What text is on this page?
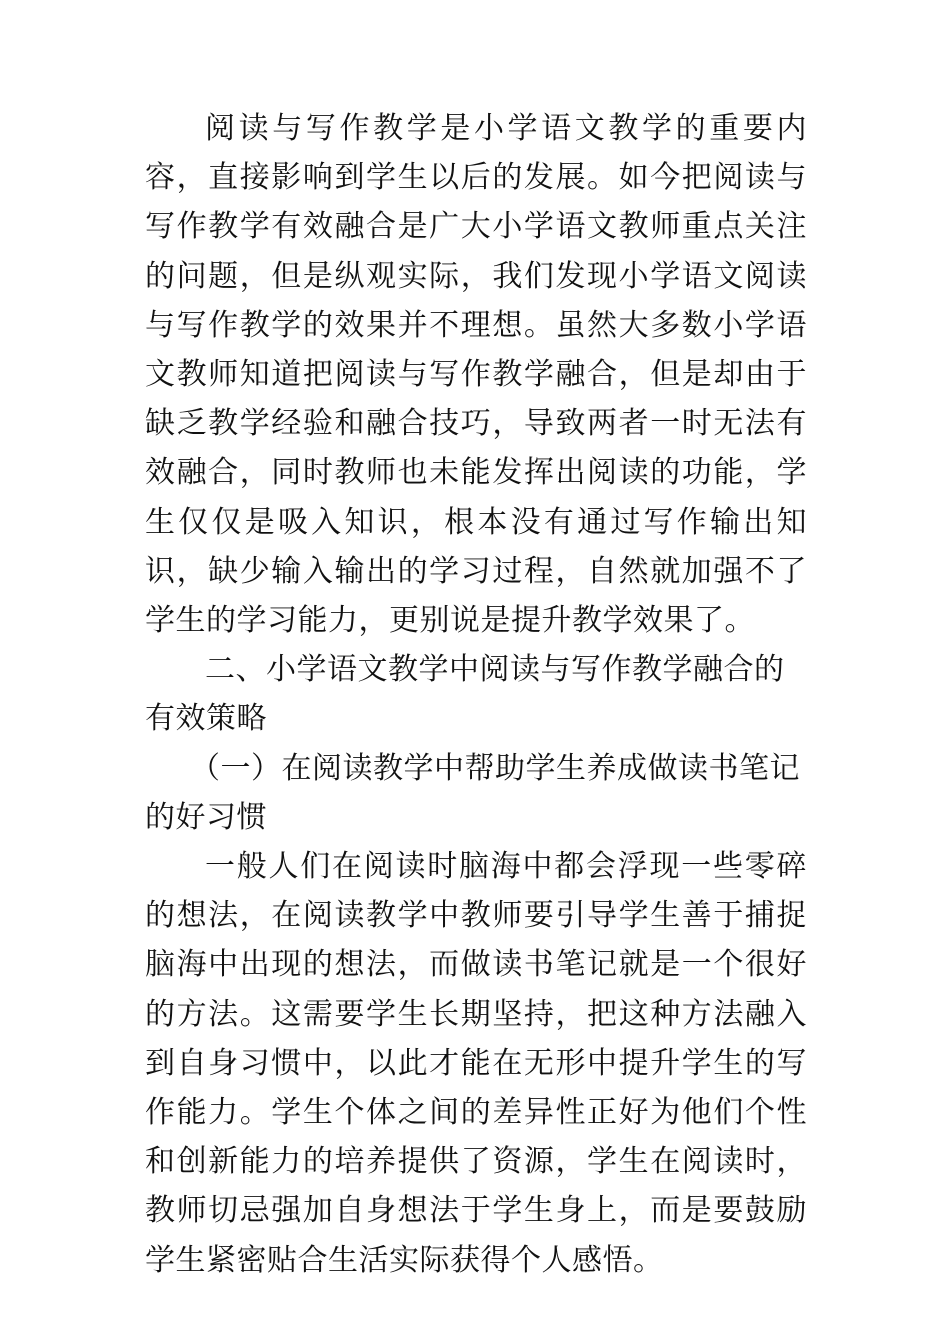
阅读与写作教学是小学语文教学的重要内容，直接影响到学生以后的发展。如今把阅读与写作教学有效融合是广大小学语文教师重点关注的问题，但是纵观实际，我们发现小学语文阅读与写作教学的效果并不理想。虽然大多数小学语文教师知道把阅读与写作教学融合，但是却由于缺乏教学经验和融合技巧，导致两者一时无法有效融合，同时教师也未能发挥出阅读的功能，学生仅仅是吸入知识，根本没有通过写作输出知识，缺少输入输出的学习过程，自然就加强不了学生的学习能力，更别说是提升教学效果了。

二、小学语文教学中阅读与写作教学融合的有效策略

（一）在阅读教学中帮助学生养成做读书笔记的好习惯

一般人们在阅读时脑海中都会浮现一些零碎的想法，在阅读教学中教师要引导学生善于捕捉脑海中出现的想法，而做读书笔记就是一个很好的方法。这需要学生长期坚持，把这种方法融入到自身习惯中，以此才能在无形中提升学生的写作能力。学生个体之间的差异性正好为他们个性和创新能力的培养提供了资源，学生在阅读时，教师切忌强加自身想法于学生身上，而是要鼓励学生紧密贴合生活实际获得个人感悟。
